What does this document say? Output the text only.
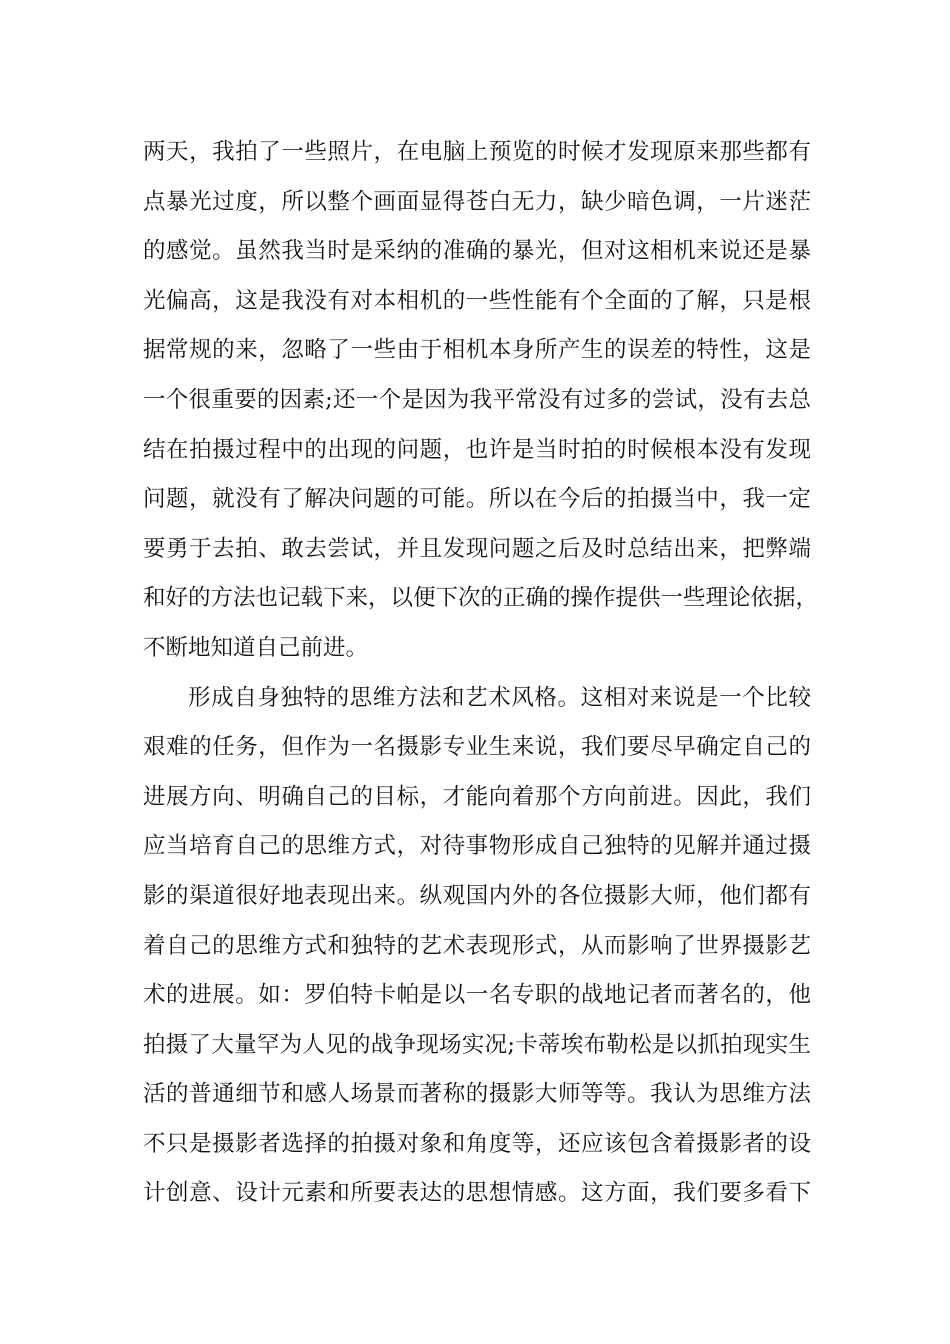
两天，我拍了一些照片，在电脑上预览的时候才发现原来那些都有
点暴光过度，所以整个画面显得苍白无力，缺少暗色调，一片迷茫
的感觉。虽然我当时是采纳的准确的暴光，但对这相机来说还是暴
光偏高，这是我没有对本相机的一些性能有个全面的了解，只是根
据常规的来，忽略了一些由于相机本身所产生的误差的特性，这是
一个很重要的因素;还一个是因为我平常没有过多的尝试，没有去总
结在拍摄过程中的出现的问题，也许是当时拍的时候根本没有发现
问题，就没有了解决问题的可能。所以在今后的拍摄当中，我一定
要勇于去拍、敢去尝试，并且发现问题之后及时总结出来，把弊端
和好的方法也记载下来，以便下次的正确的操作提供一些理论依据，
不断地知道自己前进。
形成自身独特的思维方法和艺术风格。这相对来说是一个比较
艰难的任务，但作为一名摄影专业生来说，我们要尽早确定自己的
进展方向、明确自己的目标，才能向着那个方向前进。因此，我们
应当培育自己的思维方式，对待事物形成自己独特的见解并通过摄
影的渠道很好地表现出来。纵观国内外的各位摄影大师，他们都有
着自己的思维方式和独特的艺术表现形式，从而影响了世界摄影艺
术的进展。如：罗伯特卡帕是以一名专职的战地记者而著名的，他
拍摄了大量罕为人见的战争现场实况;卡蒂埃布勒松是以抓拍现实生
活的普通细节和感人场景而著称的摄影大师等等。我认为思维方法
不只是摄影者选择的拍摄对象和角度等，还应该包含着摄影者的设
计创意、设计元素和所要表达的思想情感。这方面，我们要多看下
